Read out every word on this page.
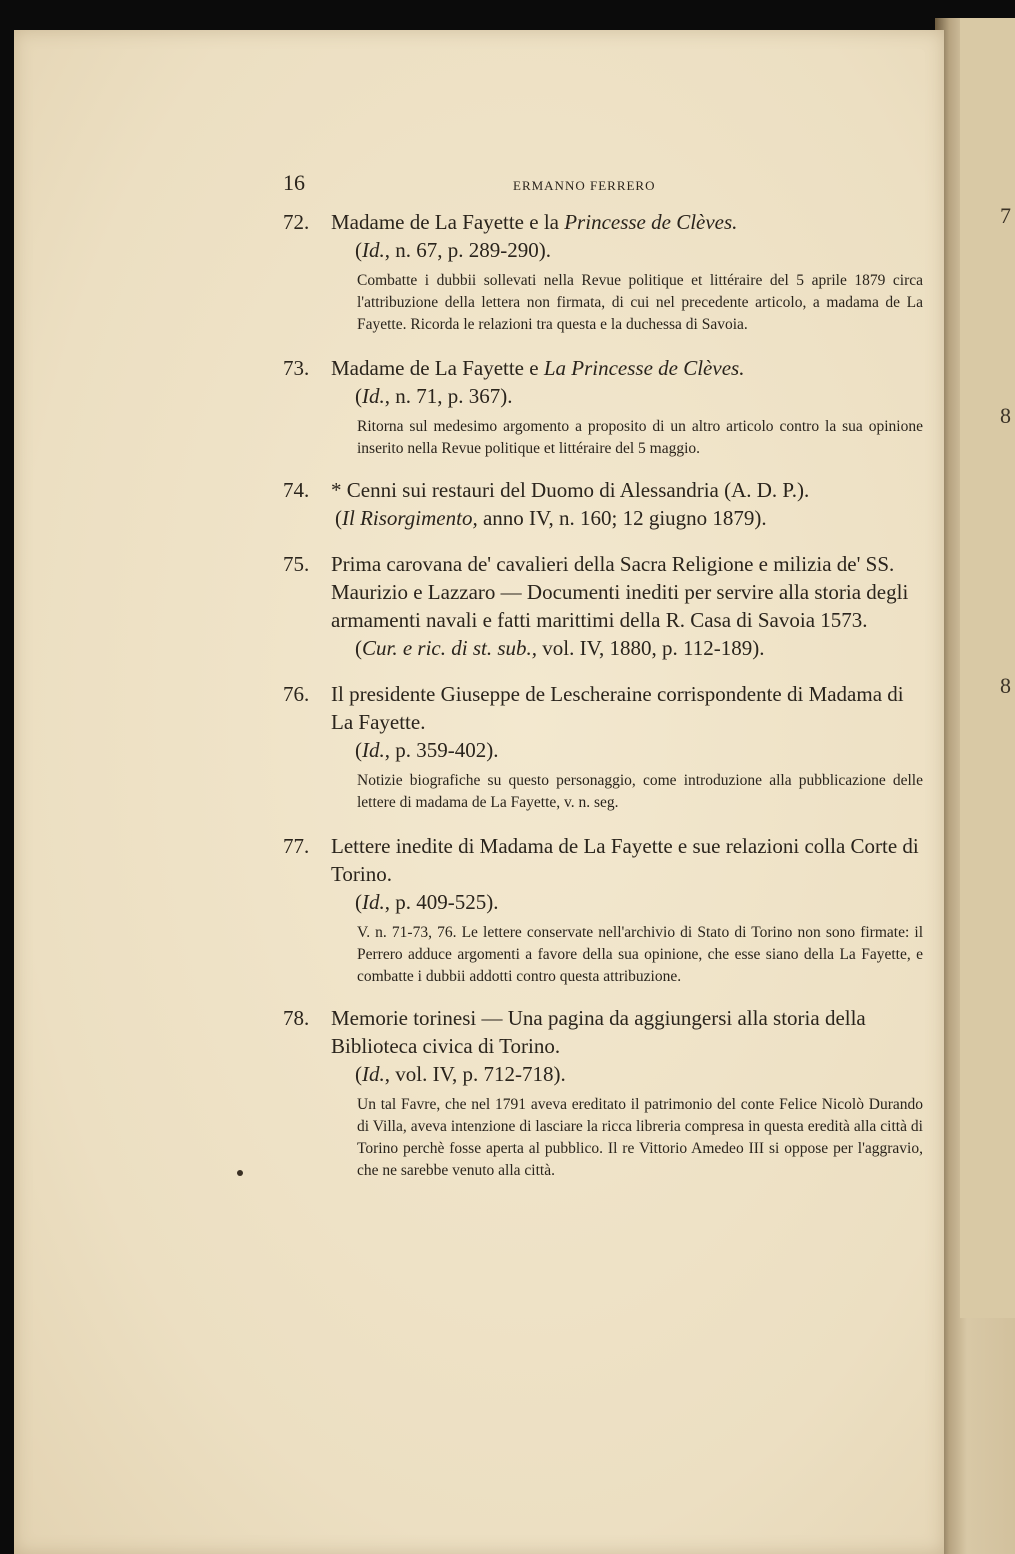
7
8
8
16	ERMANNO FERRERO

72. Madame de La Fayette e la Princesse de Clèves.

(Id., n. 67, p. 289-290).

Combatte i dubbii sollevati nella Revue politique et littéraire del 5 aprile 1879 circa l'attribuzione della lettera non firmata, di cui nel precedente articolo, a madama de La Fayette. Ricorda le relazioni tra questa e la duchessa di Savoia.

73. Madame de La Fayette e La Princesse de Clèves.

(Id., n. 71, p. 367).

Ritorna sul medesimo argomento a proposito di un altro articolo contro la sua opinione inserito nella Revue politique et littéraire del 5 maggio.

74. * Cenni sui restauri del Duomo di Alessandria (A. D. P.).

(Il Risorgimento, anno IV, n. 160; 12 giugno 1879).

75. Prima carovana de' cavalieri della Sacra Religione e milizia de' SS. Maurizio e Lazzaro — Documenti inediti per servire alla storia degli armamenti navali e fatti marittimi della R. Casa di Savoia 1573.

(Cur. e ric. di st. sub., vol. IV, 1880, p. 112-189).

76. Il presidente Giuseppe de Lescheraine corrispondente di Madama di La Fayette.

(Id., p. 359-402).

Notizie biografiche su questo personaggio, come introduzione alla pubblicazione delle lettere di madama de La Fayette, v. n. seg.

77. Lettere inedite di Madama de La Fayette e sue relazioni colla Corte di Torino.

(Id., p. 409-525).

V. n. 71-73, 76. Le lettere conservate nell'archivio di Stato di Torino non sono firmate: il Perrero adduce argomenti a favore della sua opinione, che esse siano della La Fayette, e combatte i dubbii addotti contro questa attribuzione.

78. Memorie torinesi — Una pagina da aggiungersi alla storia della Biblioteca civica di Torino.

(Id., vol. IV, p. 712-718).

Un tal Favre, che nel 1791 aveva ereditato il patrimonio del conte Felice Nicolò Durando di Villa, aveva intenzione di lasciare la ricca libreria compresa in questa eredità alla città di Torino perchè fosse aperta al pubblico. Il re Vittorio Amedeo III si oppose per l'aggravio, che ne sarebbe venuto alla città.
